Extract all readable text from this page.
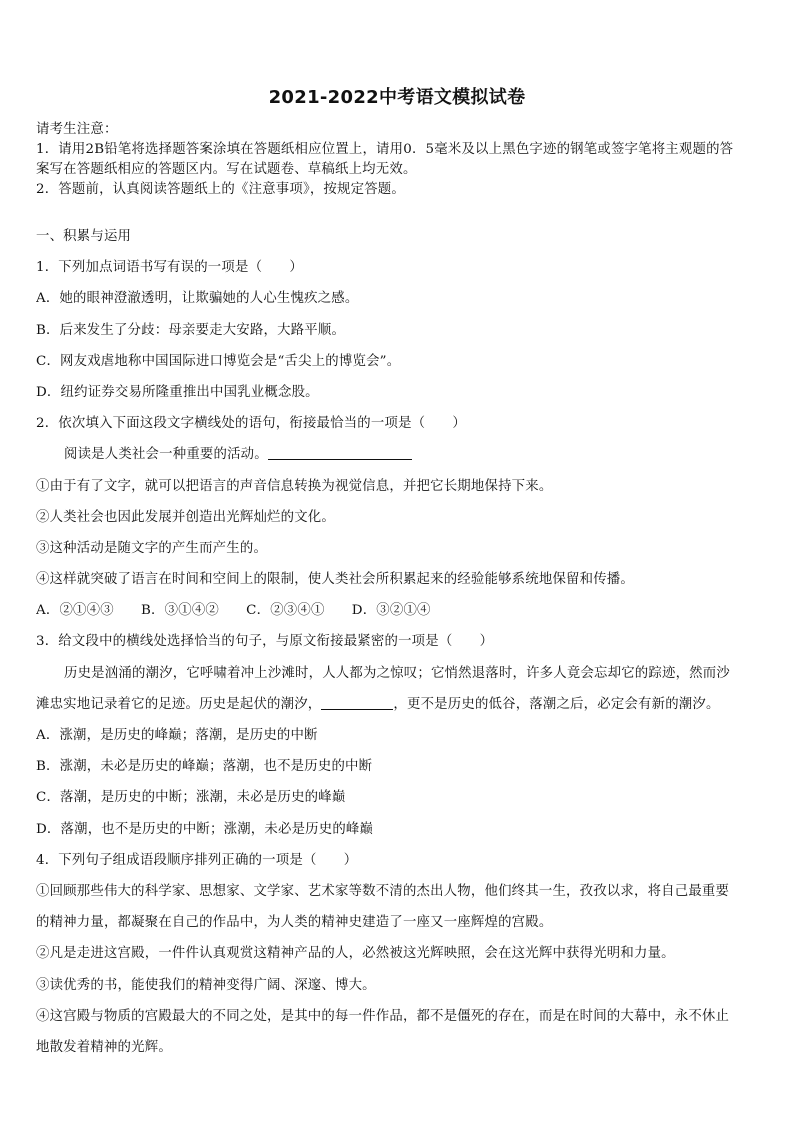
2021-2022中考语文模拟试卷
请考生注意：
1．请用2B铅笔将选择题答案涂填在答题纸相应位置上，请用0．5毫米及以上黑色字迹的钢笔或签字笔将主观题的答
案写在答题纸相应的答题区内。写在试题卷、草稿纸上均无效。
2．答题前，认真阅读答题纸上的《注意事项》，按规定答题。
一、积累与运用
1．下列加点词语书写有误的一项是（　　）
A．她的眼神澄澈透明，让欺骗她的人心生愧疚之感。
B．后来发生了分歧：母亲要走大安路，大路平顺。
C．网友戏虐地称中国国际进口博览会是“舌尖上的博览会”。
D．纽约证券交易所隆重推出中国乳业概念股。
2．依次填入下面这段文字横线处的语句，衔接最恰当的一项是（　　）
阅读是人类社会一种重要的活动。
①由于有了文字，就可以把语言的声音信息转换为视觉信息，并把它长期地保持下来。
②人类社会也因此发展并创造出光辉灿烂的文化。
③这种活动是随文字的产生而产生的。
④这样就突破了语言在时间和空间上的限制，使人类社会所积累起来的经验能够系统地保留和传播。
A．②①④③　　B．③①④②　　C．②③④①　　D．③②①④
3．给文段中的横线处选择恰当的句子，与原文衔接最紧密的一项是（　　）
历史是汹涌的潮汐，它呼啸着冲上沙滩时，人人都为之惊叹；它悄然退落时，许多人竟会忘却它的踪迹，然而沙
滩忠实地记录着它的足迹。历史是起伏的潮汐，	，更不是历史的低谷，落潮之后，必定会有新的潮汐。
A．涨潮，是历史的峰巅；落潮，是历史的中断
B．涨潮，未必是历史的峰巅；落潮，也不是历史的中断
C．落潮，是历史的中断；涨潮，未必是历史的峰巅
D．落潮，也不是历史的中断；涨潮，未必是历史的峰巅
4．下列句子组成语段顺序排列正确的一项是（　　）
①回顾那些伟大的科学家、思想家、文学家、艺术家等数不清的杰出人物，他们终其一生，孜孜以求，将自己最重要
的精神力量，都凝聚在自己的作品中，为人类的精神史建造了一座又一座辉煌的宫殿。
②凡是走进这宫殿，一件件认真观赏这精神产品的人，必然被这光辉映照，会在这光辉中获得光明和力量。
③读优秀的书，能使我们的精神变得广阔、深邃、博大。
④这宫殿与物质的宫殿最大的不同之处，是其中的每一件作品，都不是僵死的存在，而是在时间的大幕中，永不休止
地散发着精神的光辉。
